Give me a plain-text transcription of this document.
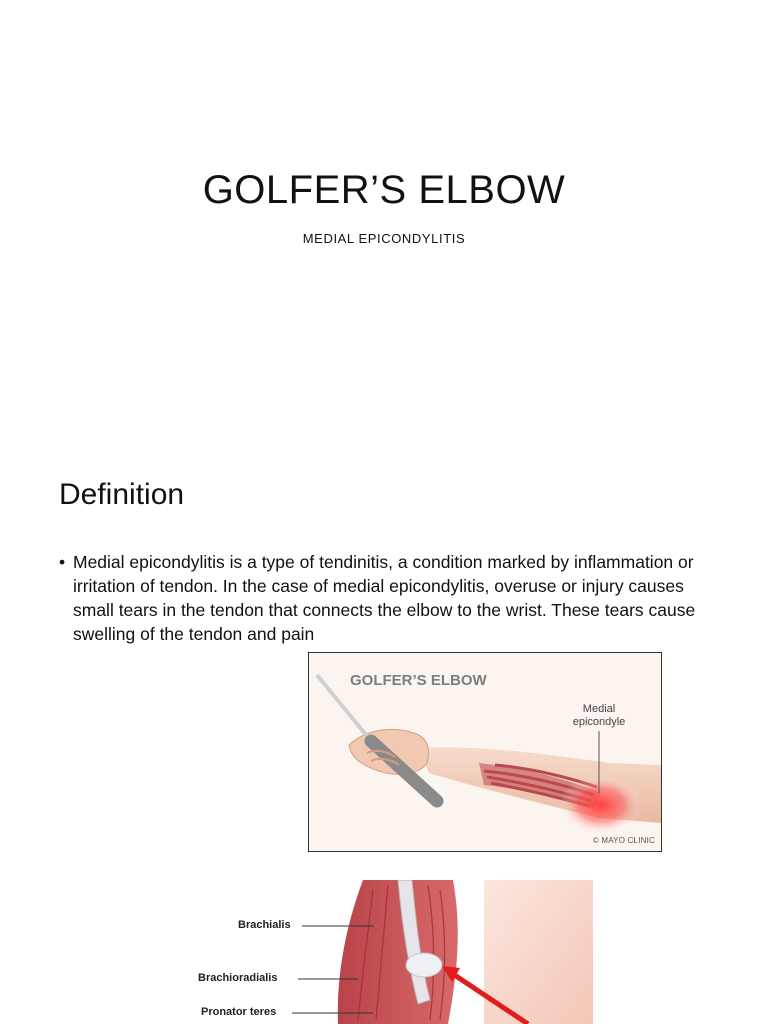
GOLFER’S ELBOW
MEDIAL EPICONDYLITIS
Definition
• Medial epicondylitis is a type of tendinitis, a condition marked by inflammation or irritation of tendon. In the case of medial epicondylitis, overuse or injury causes small tears in the tendon that connects the elbow to the wrist. These tears cause swelling of the tendon and pain
GOLFER’S ELBOW
Medial epicondyle
© MAYO CLINIC
Brachialis
Brachioradialis
Pronator teres
